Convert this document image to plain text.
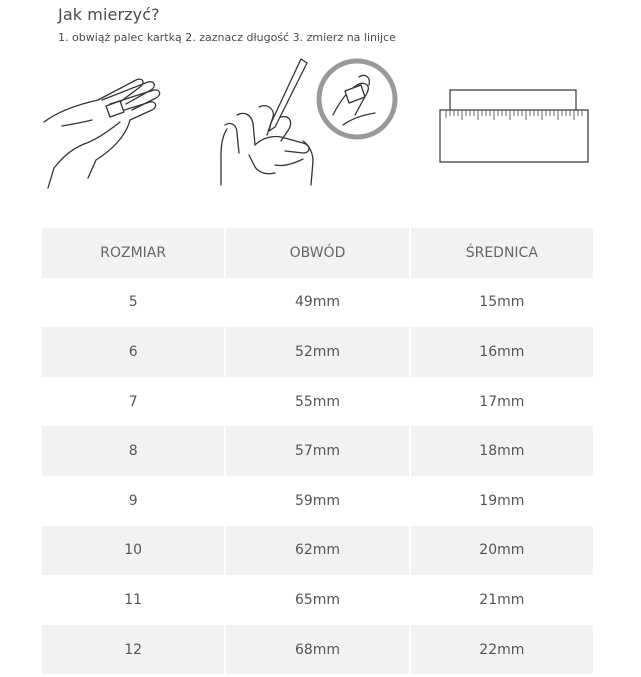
Jak mierzyć?
1. obwiąż palec kartką 2. zaznacz długość 3. zmierz na linijce
ROZMIAR	OBWÓD	ŚREDNICA
5	49mm	15mm
6	52mm	16mm
7	55mm	17mm
8	57mm	18mm
9	59mm	19mm
10	62mm	20mm
11	65mm	21mm
12	68mm	22mm
